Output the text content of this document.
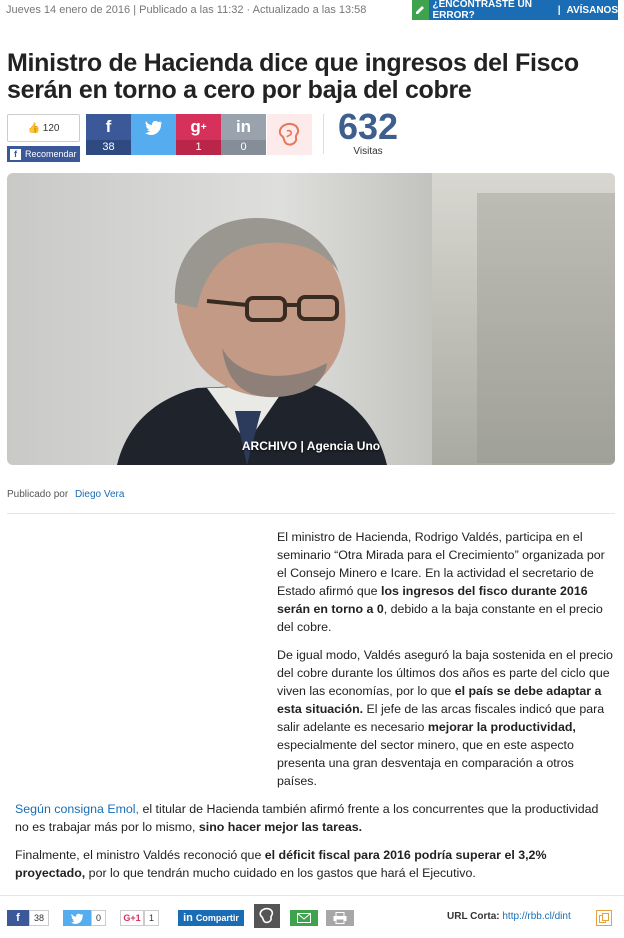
Jueves 14 enero de 2016 | Publicado a las 11:32 · Actualizado a las 13:58	¿ENCONTRASTE UN ERROR?	| AVÍSANOS
Ministro de Hacienda dice que ingresos del Fisco serán en torno a cero por baja del cobre
👍
120
f Recomendar
f
38
g +
1
in
0	632
Visitas
ARCHIVO | Agencia Uno
Publicado por Diego Vera

El ministro de Hacienda, Rodrigo Valdés, participa en el seminario “Otra Mirada para el Crecimiento” organizada por el Consejo Minero e Icare. En la actividad el secretario de Estado afirmó que los ingresos del fisco durante 2016 serán en torno a 0, debido a la baja constante en el precio del cobre.

De igual modo, Valdés aseguró la baja sostenida en el precio del cobre durante los últimos dos años es parte del ciclo que viven las economías, por lo que el país se debe adaptar a esta situación. El jefe de las arcas fiscales indicó que para salir adelante es necesario mejorar la productividad, especialmente del sector minero, que en este aspecto presenta una gran desventaja en comparación a otros países.

Según consigna Emol, el titular de Hacienda también afirmó frente a los concurrentes que la productividad no es trabajar más por lo mismo, sino hacer mejor las tareas.

Finalmente, el ministro Valdés reconoció que el déficit fiscal para 2016 podría superar el 3,2% proyectado, por lo que tendrán mucho cuidado en los gastos que hará el Ejecutivo.

f	38	0	G+1 1	in Compartir	URL Corta: http://rbb.cl/dint
